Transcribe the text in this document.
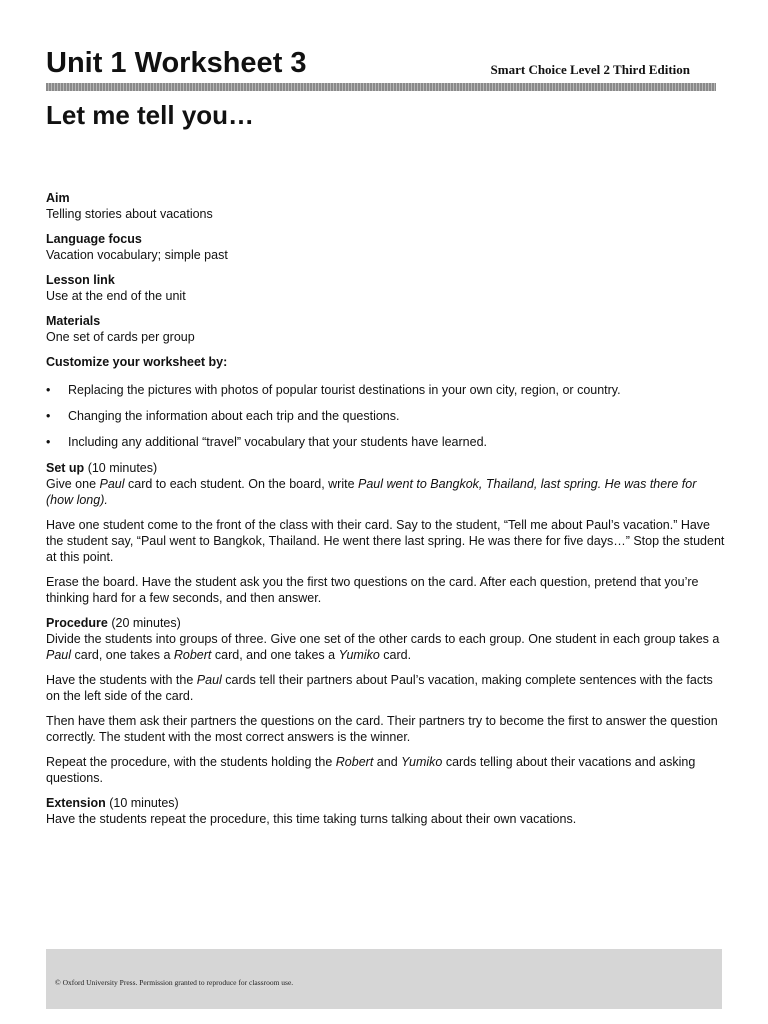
Unit 1 Worksheet 3	Smart Choice Level 2 Third Edition
Let me tell you…
Aim

Telling stories about vacations

Language focus

Vacation vocabulary; simple past

Lesson link

Use at the end of the unit

Materials

One set of cards per group

Customize your worksheet by:
•	Replacing the pictures with photos of popular tourist destinations in your own city, region, or country.
•	Changing the information about each trip and the questions.
•	Including any additional “travel” vocabulary that your students have learned.
Set up (10 minutes)
Give one Paul card to each student. On the board, write Paul went to Bangkok, Thailand, last spring. He was there for (how long).

Have one student come to the front of the class with their card. Say to the student, “Tell me about Paul’s vacation.” Have the student say, “Paul went to Bangkok, Thailand. He went there last spring. He was there for five days…” Stop the student at this point.

Erase the board. Have the student ask you the first two questions on the card. After each question, pretend that you’re thinking hard for a few seconds, and then answer.

Procedure (20 minutes)
Divide the students into groups of three. Give one set of the other cards to each group. One student in each group takes a Paul card, one takes a Robert card, and one takes a Yumiko card.

Have the students with the Paul cards tell their partners about Paul’s vacation, making complete sentences with the facts on the left side of the card.

Then have them ask their partners the questions on the card. Their partners try to become the first to answer the question correctly. The student with the most correct answers is the winner.

Repeat the procedure, with the students holding the Robert and Yumiko cards telling about their vacations and asking questions.

Extension (10 minutes)
Have the students repeat the procedure, this time taking turns talking about their own vacations.
© Oxford University Press. Permission granted to reproduce for classroom use.
